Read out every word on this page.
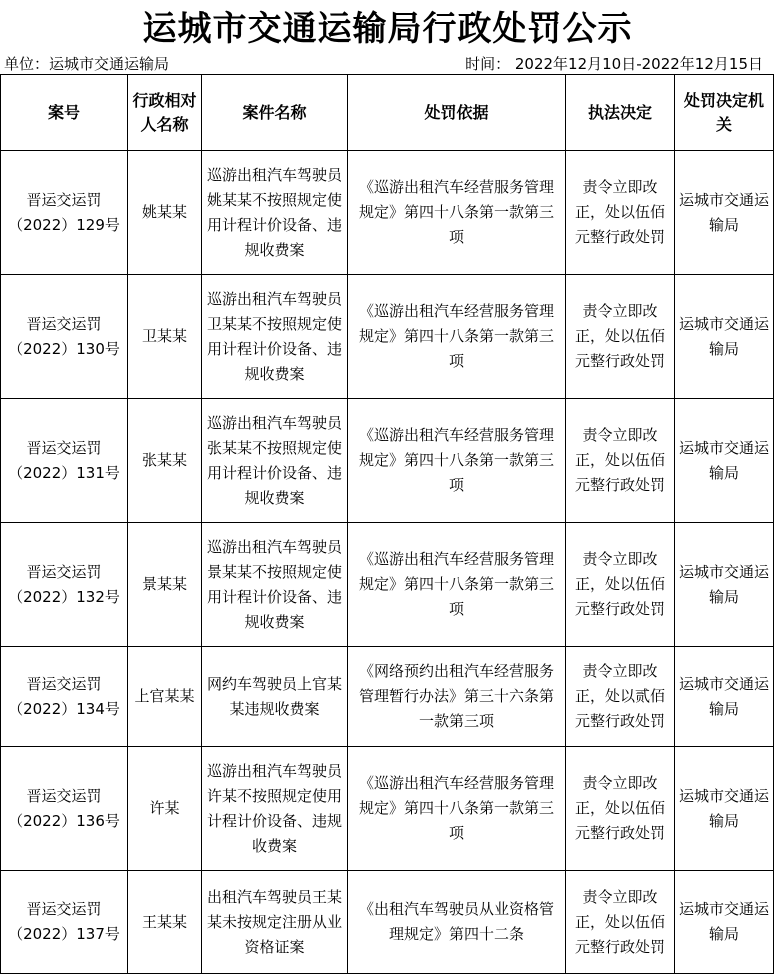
运城市交通运输局行政处罚公示
单位：运城市交通运输局	时间： 2022年12月10日-2022年12月15日
案号	行政相对人名称	案件名称	处罚依据	执法决定	处罚决定机关
晋运交运罚（2022）129号	姚某某	巡游出租汽车驾驶员姚某某不按照规定使用计程计价设备、违规收费案	《巡游出租汽车经营服务管理规定》第四十八条第一款第三项	责令立即改正，处以伍佰元整行政处罚	运城市交通运输局
晋运交运罚（2022）130号	卫某某	巡游出租汽车驾驶员卫某某不按照规定使用计程计价设备、违规收费案	《巡游出租汽车经营服务管理规定》第四十八条第一款第三项	责令立即改正，处以伍佰元整行政处罚	运城市交通运输局
晋运交运罚（2022）131号	张某某	巡游出租汽车驾驶员张某某不按照规定使用计程计价设备、违规收费案	《巡游出租汽车经营服务管理规定》第四十八条第一款第三项	责令立即改正，处以伍佰元整行政处罚	运城市交通运输局
晋运交运罚（2022）132号	景某某	巡游出租汽车驾驶员景某某不按照规定使用计程计价设备、违规收费案	《巡游出租汽车经营服务管理规定》第四十八条第一款第三项	责令立即改正，处以伍佰元整行政处罚	运城市交通运输局
晋运交运罚（2022）134号	上官某某	网约车驾驶员上官某某违规收费案	《网络预约出租汽车经营服务管理暂行办法》第三十六条第一款第三项	责令立即改正，处以贰佰元整行政处罚	运城市交通运输局
晋运交运罚（2022）136号	许某	巡游出租汽车驾驶员许某不按照规定使用计程计价设备、违规收费案	《巡游出租汽车经营服务管理规定》第四十八条第一款第三项	责令立即改正，处以伍佰元整行政处罚	运城市交通运输局
晋运交运罚（2022）137号	王某某	出租汽车驾驶员王某某未按规定注册从业资格证案	《出租汽车驾驶员从业资格管理规定》第四十二条	责令立即改正，处以伍佰元整行政处罚	运城市交通运输局
